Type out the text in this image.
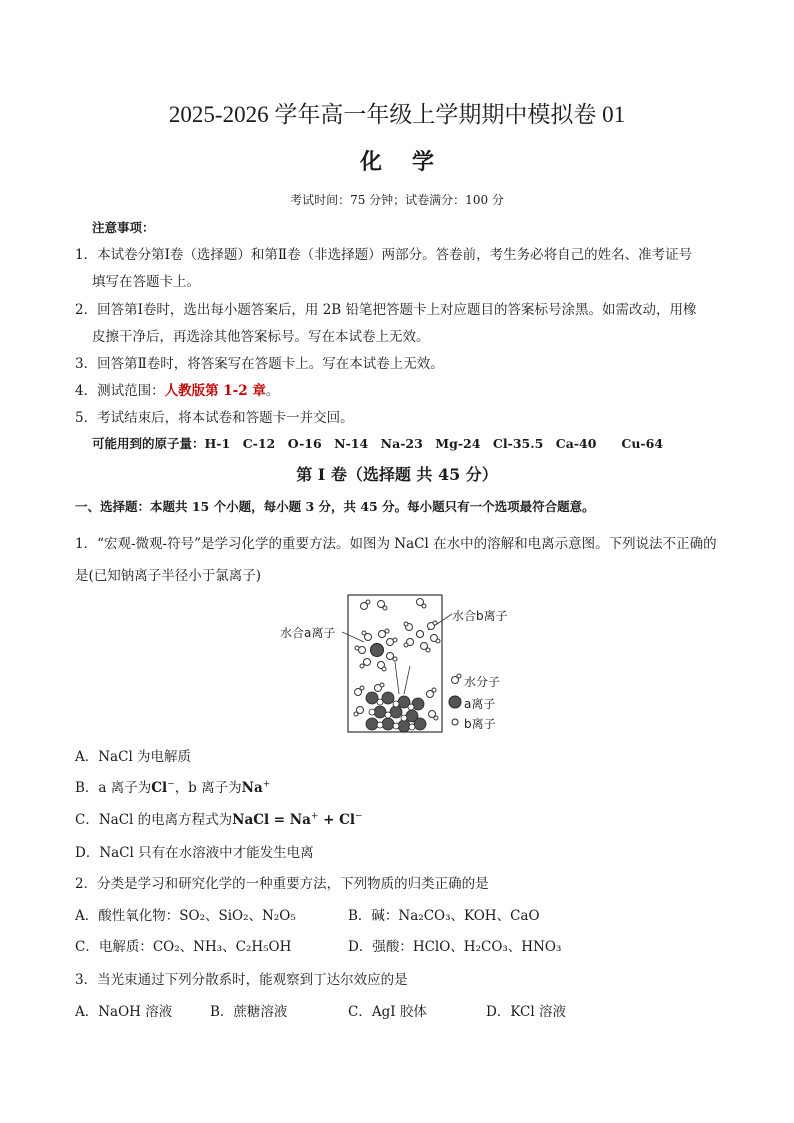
2025-2026 学年高一年级上学期期中模拟卷 01
化学
考试时间：75 分钟；试卷满分：100 分
注意事项：
1．本试卷分第Ⅰ卷（选择题）和第Ⅱ卷（非选择题）两部分。答卷前，考生务必将自己的姓名、准考证号
填写在答题卡上。
2．回答第Ⅰ卷时，选出每小题答案后，用 2B 铅笔把答题卡上对应题目的答案标号涂黑。如需改动，用橡
皮擦干净后，再选涂其他答案标号。写在本试卷上无效。
3．回答第Ⅱ卷时，将答案写在答题卡上。写在本试卷上无效。
4．测试范围：人教版第 1-2 章。
5．考试结束后，将本试卷和答题卡一并交回。
可能用到的原子量：H-1　C-12　O-16　N-14　Na-23　Mg-24　Cl-35.5　Ca-40　　Cu-64
第 I 卷（选择题 共 45 分）
一、选择题：本题共 15 个小题，每小题 3 分，共 45 分。每小题只有一个选项最符合题意。
1．“宏观-微观-符号”是学习化学的重要方法。如图为 NaCl 在水中的溶解和电离示意图。下列说法不正确的
是(已知钠离子半径小于氯离子)
水合a离子
水合b离子
水分子
a离子
b离子
A．NaCl 为电解质
B．a 离子为Cl−，b 离子为Na+
C．NaCl 的电离方程式为NaCl = Na+ + Cl−
D．NaCl 只有在水溶液中才能发生电离
2．分类是学习和研究化学的一种重要方法，下列物质的归类正确的是
A．酸性氧化物：SO₂、SiO₂、N₂O₅	B．碱：Na₂CO₃、KOH、CaO
C．电解质：CO₂、NH₃、C₂H₅OH	D．强酸：HClO、H₂CO₃、HNO₃
3．当光束通过下列分散系时，能观察到丁达尔效应的是
A．NaOH 溶液	B．蔗糖溶液	C．AgI 胶体	D．KCl 溶液
